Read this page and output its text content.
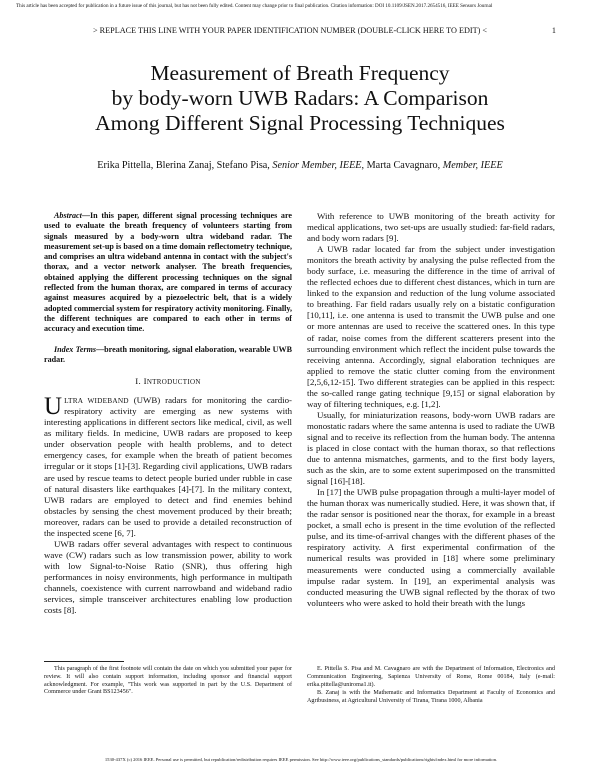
This article has been accepted for publication in a future issue of this journal, but has not been fully edited. Content may change prior to final publication. Citation information: DOI 10.1109/JSEN.2017.2654516, IEEE Sensors Journal
> REPLACE THIS LINE WITH YOUR PAPER IDENTIFICATION NUMBER (DOUBLE-CLICK HERE TO EDIT) <	1
Measurement of Breath Frequency
by body-worn UWB Radars: A Comparison
Among Different Signal Processing Techniques
Erika Pittella, Blerina Zanaj, Stefano Pisa, Senior Member, IEEE, Marta Cavagnaro, Member, IEEE

Abstract—In this paper, different signal processing techniques are used to evaluate the breath frequency of volunteers starting from signals measured by a body-worn ultra wideband radar. The measurement set-up is based on a time domain reflectometry technique, and comprises an ultra wideband antenna in contact with the subject's thorax, and a vector network analyser. The breath frequencies, obtained applying the different processing techniques on the signal reflected from the human thorax, are compared in terms of accuracy against measures acquired by a piezoelectric belt, that is a widely adopted commercial system for respiratory activity monitoring. Finally, the different techniques are compared to each other in terms of accuracy and execution time.

Index Terms—breath monitoring, signal elaboration, wearable UWB radar.

I. INTRODUCTION

ULTRA WIDEBAND (UWB) radars for monitoring the cardio-respiratory activity are emerging as new systems with interesting applications in different sectors like medical, civil, as well as military fields. In medicine, UWB radars are proposed to keep under observation people with health problems, and to detect emergency cases, for example when the breath of patient becomes irregular or it stops [1]-[3]. Regarding civil applications, UWB radars are used by rescue teams to detect people buried under rubble in case of natural disasters like earthquakes [4]-[7]. In the military context, UWB radars are employed to detect and find enemies behind obstacles by sensing the chest movement produced by their breath; moreover, radars can be used to provide a detailed reconstruction of the inspected scene [6, 7].

UWB radars offer several advantages with respect to continuous wave (CW) radars such as low transmission power, ability to work with low Signal-to-Noise Ratio (SNR), thus offering high performances in noisy environments, high performance in multipath channels, coexistence with current narrowband and wideband radio services, simple transceiver architectures enabling low production costs [8].

With reference to UWB monitoring of the breath activity for medical applications, two set-ups are usually studied: far-field radars, and body worn radars [9].

A UWB radar located far from the subject under investigation monitors the breath activity by analysing the pulse reflected from the body surface, i.e. measuring the difference in the time of arrival of the reflected echoes due to different chest distances, which in turn are linked to the expansion and reduction of the lung volume associated to breathing. Far field radars usually rely on a bistatic configuration [10,11], i.e. one antenna is used to transmit the UWB pulse and one or more antennas are used to receive the scattered ones. In this type of radar, noise comes from the different scatterers present into the surrounding environment which reflect the incident pulse towards the receiving antenna. Accordingly, signal elaboration techniques are applied to remove the static clutter coming from the environment [2,5,6,12-15]. Two different strategies can be applied in this respect: the so-called range gating technique [9,15] or signal elaboration by way of filtering techniques, e.g. [1,2].

Usually, for miniaturization reasons, body-worn UWB radars are monostatic radars where the same antenna is used to radiate the UWB signal and to receive its reflection from the human body. The antenna is placed in close contact with the human thorax, so that reflections due to antenna mismatches, garments, and to the first body layers, such as the skin, are to some extent superimposed on the transmitted signal [16]-[18].

In [17] the UWB pulse propagation through a multi-layer model of the human thorax was numerically studied. Here, it was shown that, if the radar sensor is positioned near the thorax, for example in a breast pocket, a small echo is present in the time evolution of the reflected pulse, and its time-of-arrival changes with the different phases of the respiratory activity. A first experimental confirmation of the numerical results was provided in [18] where some preliminary measurements were conducted using a commercially available impulse radar system. In [19], an experimental analysis was conducted measuring the UWB signal reflected by the thorax of two volunteers who were asked to hold their breath with the lungs

This paragraph of the first footnote will contain the date on which you submitted your paper for review. It will also contain support information, including sponsor and financial support acknowledgment. For example, "This work was supported in part by the U.S. Department of Commerce under Grant BS123456".

E. Pittella S. Pisa and M. Cavagnaro are with the Department of Information, Electronics and Communication Engineering, Sapienza University of Rome, Rome 00184, Italy (e-mail: erika.pittella@uniroma1.it).

B. Zanaj is with the Mathematic and Informatics Department at Faculty of Economics and Agribusiness, at Agricultural University of Tirana, Tirana 1000, Albania

1530-437X (c) 2016 IEEE. Personal use is permitted, but republication/redistribution requires IEEE permission. See http://www.ieee.org/publications_standards/publications/rights/index.html for more information.
